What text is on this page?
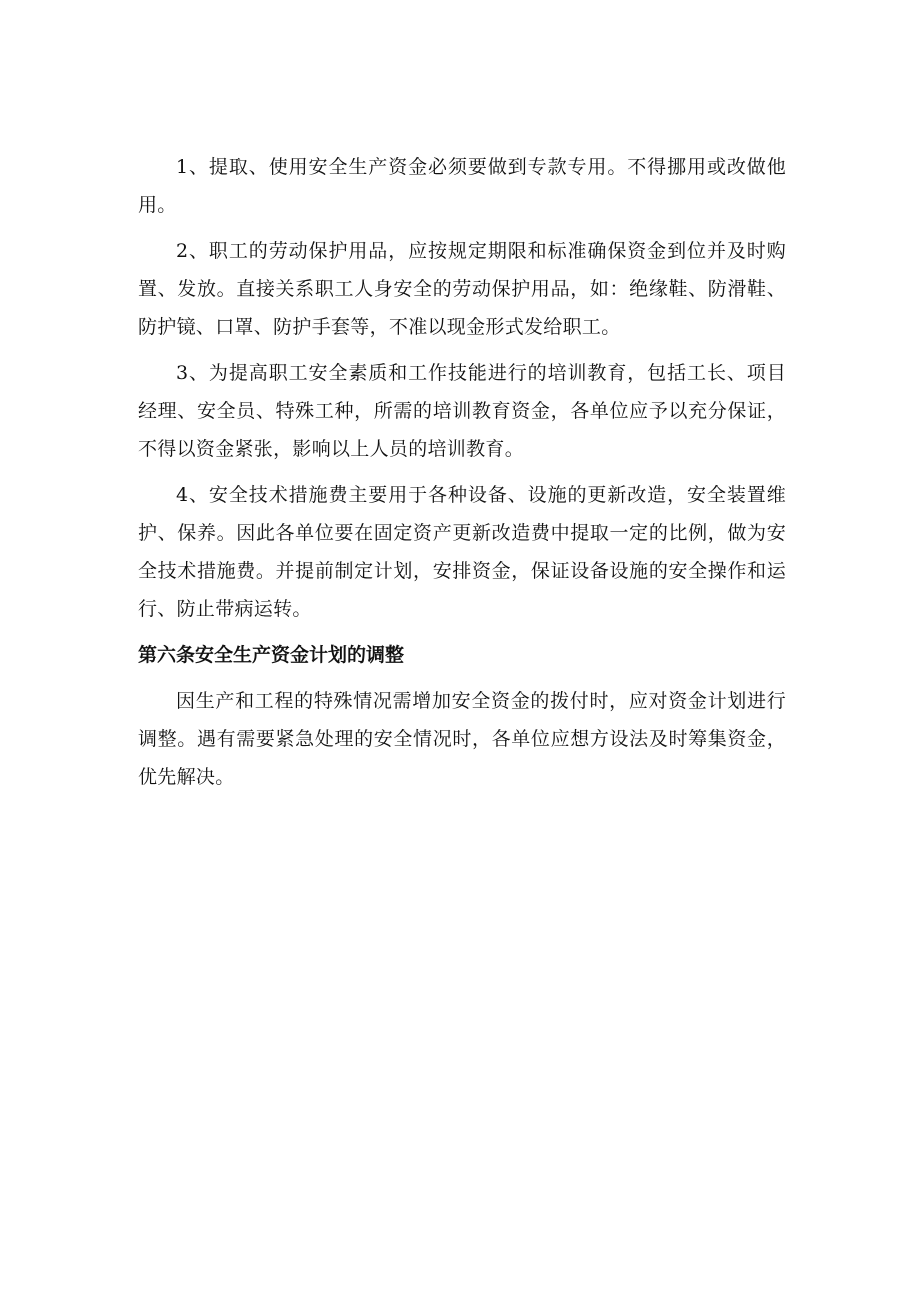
1、提取、使用安全生产资金必须要做到专款专用。不得挪用或改做他用。

2、职工的劳动保护用品，应按规定期限和标准确保资金到位并及时购置、发放。直接关系职工人身安全的劳动保护用品，如：绝缘鞋、防滑鞋、防护镜、口罩、防护手套等，不准以现金形式发给职工。

3、为提高职工安全素质和工作技能进行的培训教育，包括工长、项目经理、安全员、特殊工种，所需的培训教育资金，各单位应予以充分保证，不得以资金紧张，影响以上人员的培训教育。

4、安全技术措施费主要用于各种设备、设施的更新改造，安全装置维护、保养。因此各单位要在固定资产更新改造费中提取一定的比例，做为安全技术措施费。并提前制定计划，安排资金，保证设备设施的安全操作和运行、防止带病运转。

第六条安全生产资金计划的调整

因生产和工程的特殊情况需增加安全资金的拨付时，应对资金计划进行调整。遇有需要紧急处理的安全情况时，各单位应想方设法及时筹集资金，优先解决。
